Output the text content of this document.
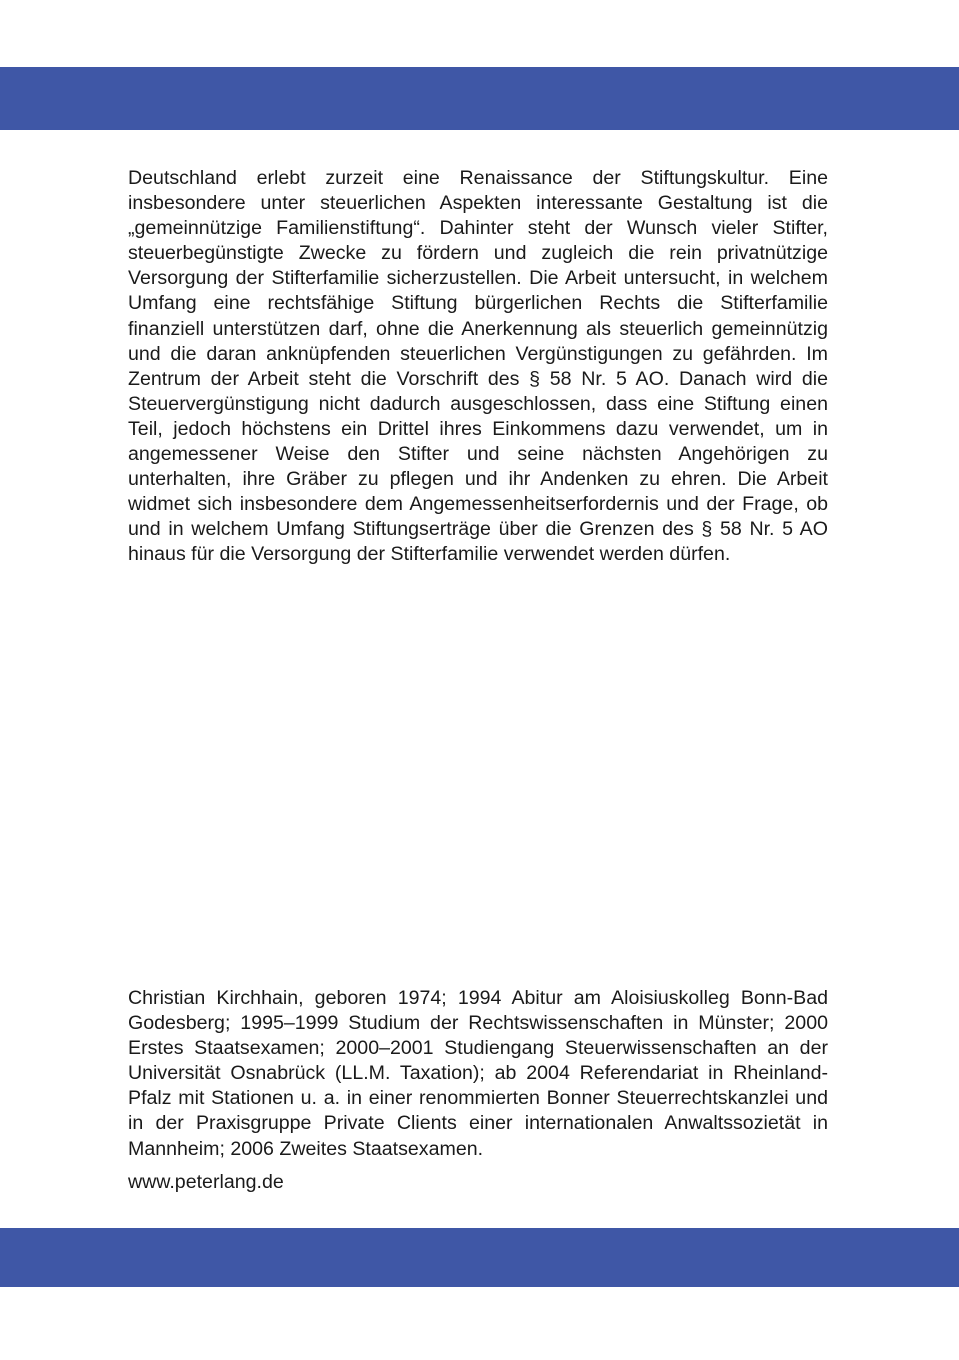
Deutschland erlebt zurzeit eine Renaissance der Stiftungskultur. Eine insbesondere unter steuerlichen Aspekten interessante Gestaltung ist die „gemeinnützige Familienstiftung“. Dahinter steht der Wunsch vieler Stifter, steuerbegünstigte Zwecke zu fördern und zugleich die rein privatnützige Versorgung der Stifterfamilie sicherzustellen. Die Arbeit untersucht, in welchem Umfang eine rechtsfähige Stiftung bürgerlichen Rechts die Stifterfamilie finanziell unterstützen darf, ohne die Anerkennung als steuerlich gemeinnützig und die daran anknüpfenden steuerlichen Vergünstigungen zu gefährden. Im Zentrum der Arbeit steht die Vorschrift des § 58 Nr. 5 AO. Danach wird die Steuervergünstigung nicht dadurch ausgeschlossen, dass eine Stiftung einen Teil, jedoch höchstens ein Drittel ihres Einkommens dazu verwendet, um in angemessener Weise den Stifter und seine nächsten Angehörigen zu unterhalten, ihre Gräber zu pflegen und ihr Andenken zu ehren. Die Arbeit widmet sich insbesondere dem Angemessenheitserfordernis und der Frage, ob und in welchem Umfang Stiftungserträge über die Grenzen des § 58 Nr. 5 AO hinaus für die Versorgung der Stifterfamilie verwendet werden dürfen.

Christian Kirchhain, geboren 1974; 1994 Abitur am Aloisiuskolleg Bonn-Bad Godesberg; 1995–1999 Studium der Rechtswissenschaften in Münster; 2000 Erstes Staatsexamen; 2000–2001 Studiengang Steuerwissenschaften an der Universität Osnabrück (LL.M. Taxation); ab 2004 Referendariat in Rheinland-Pfalz mit Stationen u. a. in einer renommierten Bonner Steuerrechtskanzlei und in der Praxisgruppe Private Clients einer internationalen Anwaltssozietät in Mannheim; 2006 Zweites Staatsexamen.

www.peterlang.de
